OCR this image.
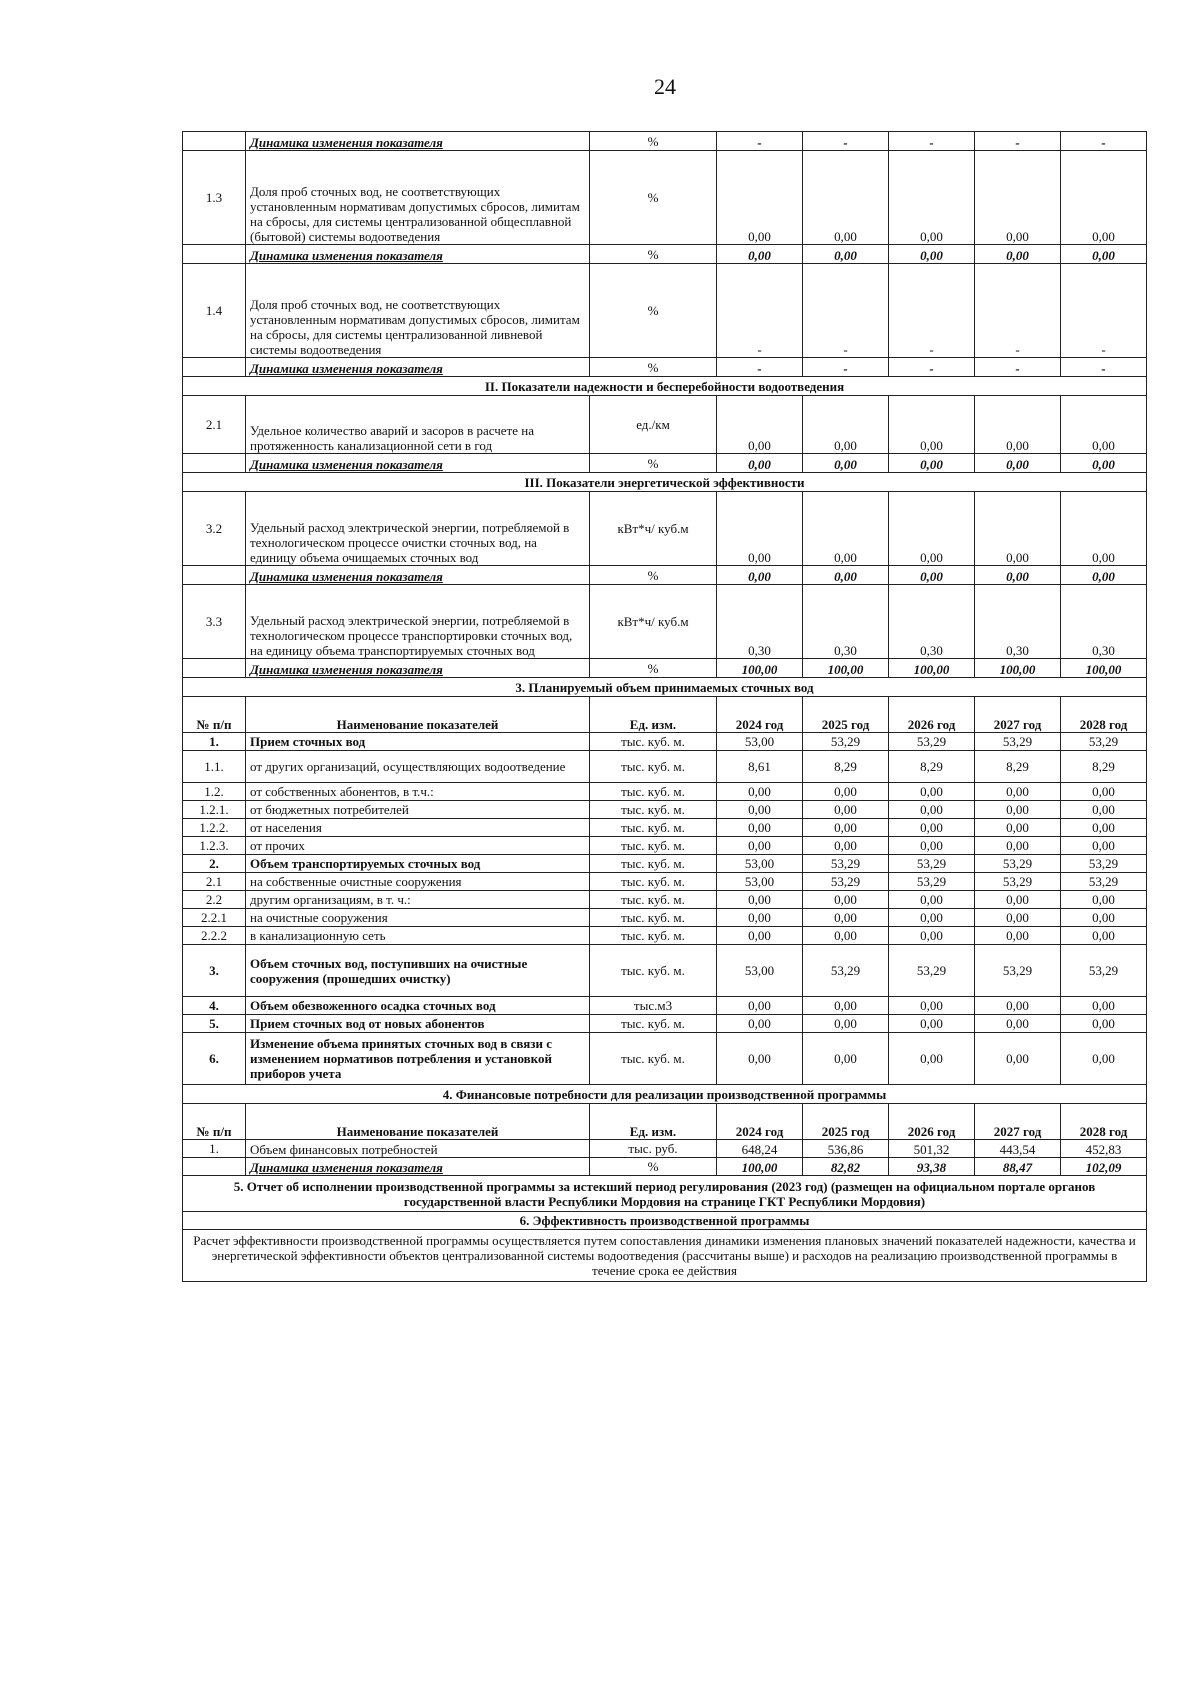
24
	Динамика изменения показателя	%	-	-	-	-	-
1.3	Доля проб сточных вод, не соответствующих установленным нормативам допустимых сбросов, лимитам на сбросы, для системы централизованной общесплавной (бытовой) системы водоотведения	%	0,00	0,00	0,00	0,00	0,00
	Динамика изменения показателя	%	0,00	0,00	0,00	0,00	0,00
1.4	Доля проб сточных вод, не соответствующих установленным нормативам допустимых сбросов, лимитам на сбросы, для системы централизованной ливневой системы водоотведения	%	-	-	-	-	-
	Динамика изменения показателя	%	-	-	-	-	-
II. Показатели надежности и бесперебойности водоотведения							
2.1	Удельное количество аварий и засоров в расчете на протяженность канализационной сети в год	ед./км	0,00	0,00	0,00	0,00	0,00
	Динамика изменения показателя	%	0,00	0,00	0,00	0,00	0,00
III. Показатели энергетической эффективности							
3.2	Удельный расход электрической энергии, потребляемой в технологическом процессе очистки сточных вод, на единицу объема очищаемых сточных вод	кВт*ч/ куб.м	0,00	0,00	0,00	0,00	0,00
	Динамика изменения показателя	%	0,00	0,00	0,00	0,00	0,00
3.3	Удельный расход электрической энергии, потребляемой в технологическом процессе транспортировки сточных вод, на единицу объема транспортируемых сточных вод	кВт*ч/ куб.м	0,30	0,30	0,30	0,30	0,30
	Динамика изменения показателя	%	100,00	100,00	100,00	100,00	100,00
3. Планируемый объем принимаемых сточных вод							
№ п/п	Наименование показателей	Ед. изм.	2024 год	2025 год	2026 год	2027 год	2028 год
1.	Прием сточных вод	тыс. куб. м.	53,00	53,29	53,29	53,29	53,29
1.1.	от других организаций, осуществляющих водоотведение	тыс. куб. м.	8,61	8,29	8,29	8,29	8,29
1.2.	от собственных абонентов, в т.ч.:	тыс. куб. м.	0,00	0,00	0,00	0,00	0,00
1.2.1.	от бюджетных потребителей	тыс. куб. м.	0,00	0,00	0,00	0,00	0,00
1.2.2.	от населения	тыс. куб. м.	0,00	0,00	0,00	0,00	0,00
1.2.3.	от прочих	тыс. куб. м.	0,00	0,00	0,00	0,00	0,00
2.	Объем транспортируемых сточных вод	тыс. куб. м.	53,00	53,29	53,29	53,29	53,29
2.1	на собственные очистные сооружения	тыс. куб. м.	53,00	53,29	53,29	53,29	53,29
2.2	другим организациям, в т. ч.:	тыс. куб. м.	0,00	0,00	0,00	0,00	0,00
2.2.1	на очистные сооружения	тыс. куб. м.	0,00	0,00	0,00	0,00	0,00
2.2.2	в канализационную сеть	тыс. куб. м.	0,00	0,00	0,00	0,00	0,00
3.	Объем сточных вод, поступивших на очистные сооружения (прошедших очистку)	тыс. куб. м.	53,00	53,29	53,29	53,29	53,29
4.	Объем обезвоженного осадка сточных вод	тыс.м3	0,00	0,00	0,00	0,00	0,00
5.	Прием сточных вод от новых абонентов	тыс. куб. м.	0,00	0,00	0,00	0,00	0,00
6.	Изменение объема принятых сточных вод в связи с изменением нормативов потребления и установкой приборов учета	тыс. куб. м.	0,00	0,00	0,00	0,00	0,00
4. Финансовые потребности для реализации производственной программы							
№ п/п	Наименование показателей	Ед. изм.	2024 год	2025 год	2026 год	2027 год	2028 год
1.	Объем финансовых потребностей	тыс. руб.	648,24	536,86	501,32	443,54	452,83
	Динамика изменения показателя	%	100,00	82,82	93,38	88,47	102,09
5. Отчет об исполнении производственной программы за истекший период регулирования (2023 год) (размещен на официальном портале органов государственной власти Республики Мордовия на странице ГКТ Республики Мордовия)							
6. Эффективность производственной программы							
Расчет эффективности производственной программы осуществляется путем сопоставления динамики изменения плановых значений показателей надежности, качества и энергетической эффективности объектов централизованной системы водоотведения (рассчитаны выше) и расходов на реализацию производственной программы в течение срока ее действия							
